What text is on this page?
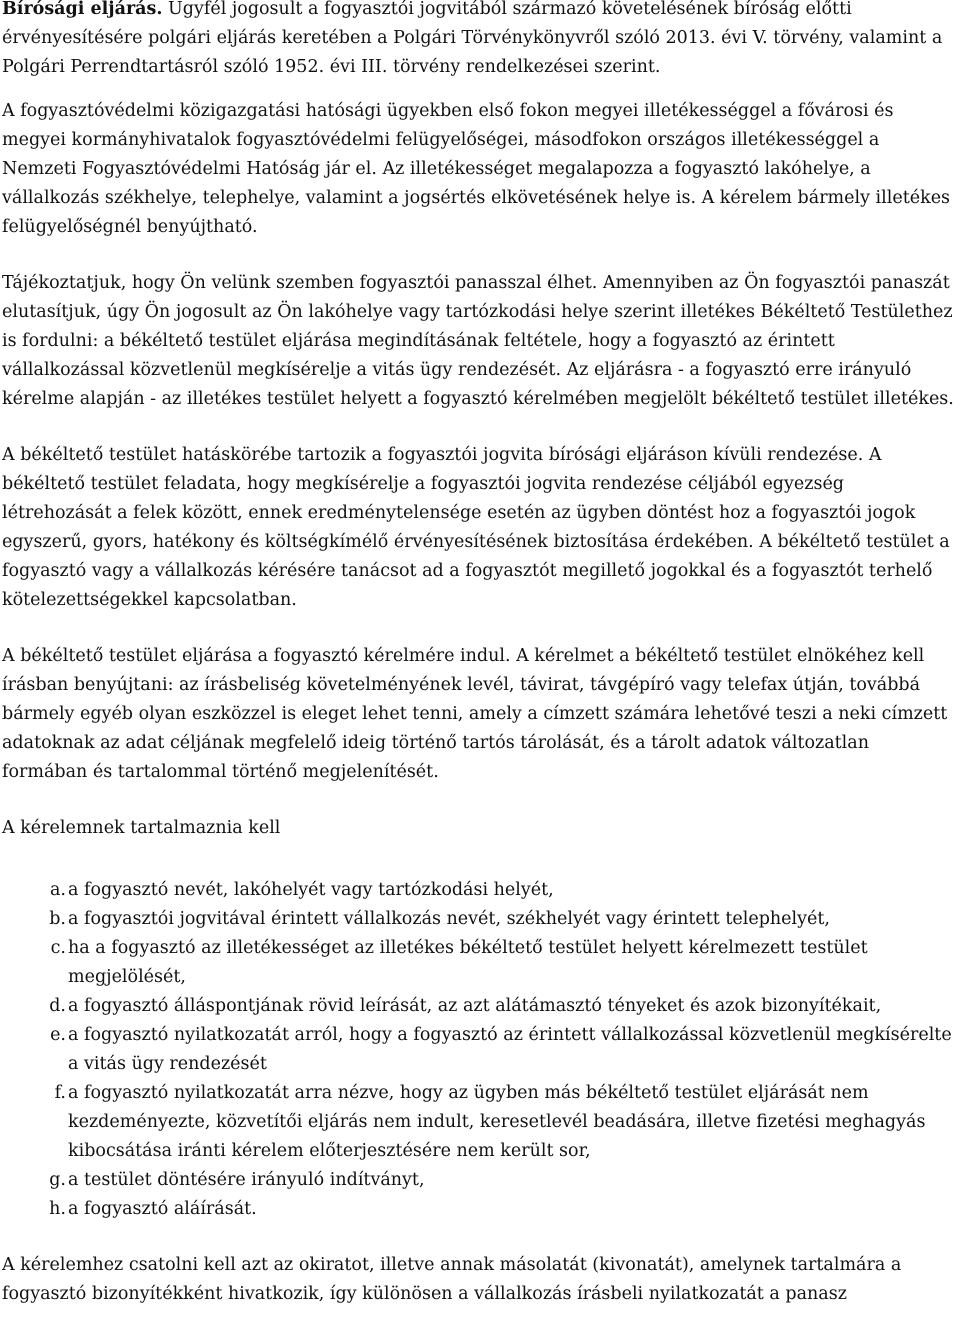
Bírósági eljárás. Ügyfél jogosult a fogyasztói jogvitából származó követelésének bíróság előtti érvényesítésére polgári eljárás keretében a Polgári Törvénykönyvről szóló 2013. évi V. törvény, valamint a Polgári Perrendtartásról szóló 1952. évi III. törvény rendelkezései szerint.

A fogyasztóvédelmi közigazgatási hatósági ügyekben első fokon megyei illetékességgel a fővárosi és megyei kormányhivatalok fogyasztóvédelmi felügyelőségei, másodfokon országos illetékességgel a Nemzeti Fogyasztóvédelmi Hatóság jár el. Az illetékességet megalapozza a fogyasztó lakóhelye, a vállalkozás székhelye, telephelye, valamint a jogsértés elkövetésének helye is. A kérelem bármely illetékes felügyelőségnél benyújtható.

Tájékoztatjuk, hogy Ön velünk szemben fogyasztói panasszal élhet. Amennyiben az Ön fogyasztói panaszát elutasítjuk, úgy Ön jogosult az Ön lakóhelye vagy tartózkodási helye szerint illetékes Békéltető Testülethez is fordulni: a békéltető testület eljárása megindításának feltétele, hogy a fogyasztó az érintett vállalkozással közvetlenül megkísérelje a vitás ügy rendezését. Az eljárásra - a fogyasztó erre irányuló kérelme alapján - az illetékes testület helyett a fogyasztó kérelmében megjelölt békéltető testület illetékes.

A békéltető testület hatáskörébe tartozik a fogyasztói jogvita bírósági eljáráson kívüli rendezése. A békéltető testület feladata, hogy megkísérelje a fogyasztói jogvita rendezése céljából egyezség létrehozását a felek között, ennek eredménytelensége esetén az ügyben döntést hoz a fogyasztói jogok egyszerű, gyors, hatékony és költségkímélő érvényesítésének biztosítása érdekében. A békéltető testület a fogyasztó vagy a vállalkozás kérésére tanácsot ad a fogyasztót megillető jogokkal és a fogyasztót terhelő kötelezettségekkel kapcsolatban.

A békéltető testület eljárása a fogyasztó kérelmére indul. A kérelmet a békéltető testület elnökéhez kell írásban benyújtani: az írásbeliség követelményének levél, távirat, távgépíró vagy telefax útján, továbbá bármely egyéb olyan eszközzel is eleget lehet tenni, amely a címzett számára lehetővé teszi a neki címzett adatoknak az adat céljának megfelelő ideig történő tartós tárolását, és a tárolt adatok változatlan formában és tartalommal történő megjelenítését.

A kérelemnek tartalmaznia kell

a. a fogyasztó nevét, lakóhelyét vagy tartózkodási helyét,
b. a fogyasztói jogvitával érintett vállalkozás nevét, székhelyét vagy érintett telephelyét,
c. ha a fogyasztó az illetékességet az illetékes békéltető testület helyett kérelmezett testület megjelölését,
d. a fogyasztó álláspontjának rövid leírását, az azt alátámasztó tényeket és azok bizonyítékait,
e. a fogyasztó nyilatkozatát arról, hogy a fogyasztó az érintett vállalkozással közvetlenül megkísérelte a vitás ügy rendezését
f. a fogyasztó nyilatkozatát arra nézve, hogy az ügyben más békéltető testület eljárását nem kezdeményezte, közvetítői eljárás nem indult, keresetlevél beadására, illetve fizetési meghagyás kibocsátása iránti kérelem előterjesztésére nem került sor,
g. a testület döntésére irányuló indítványt,
h. a fogyasztó aláírását.

A kérelemhez csatolni kell azt az okiratot, illetve annak másolatát (kivonatát), amelynek tartalmára a fogyasztó bizonyítékként hivatkozik, így különösen a vállalkozás írásbeli nyilatkozatát a panasz
